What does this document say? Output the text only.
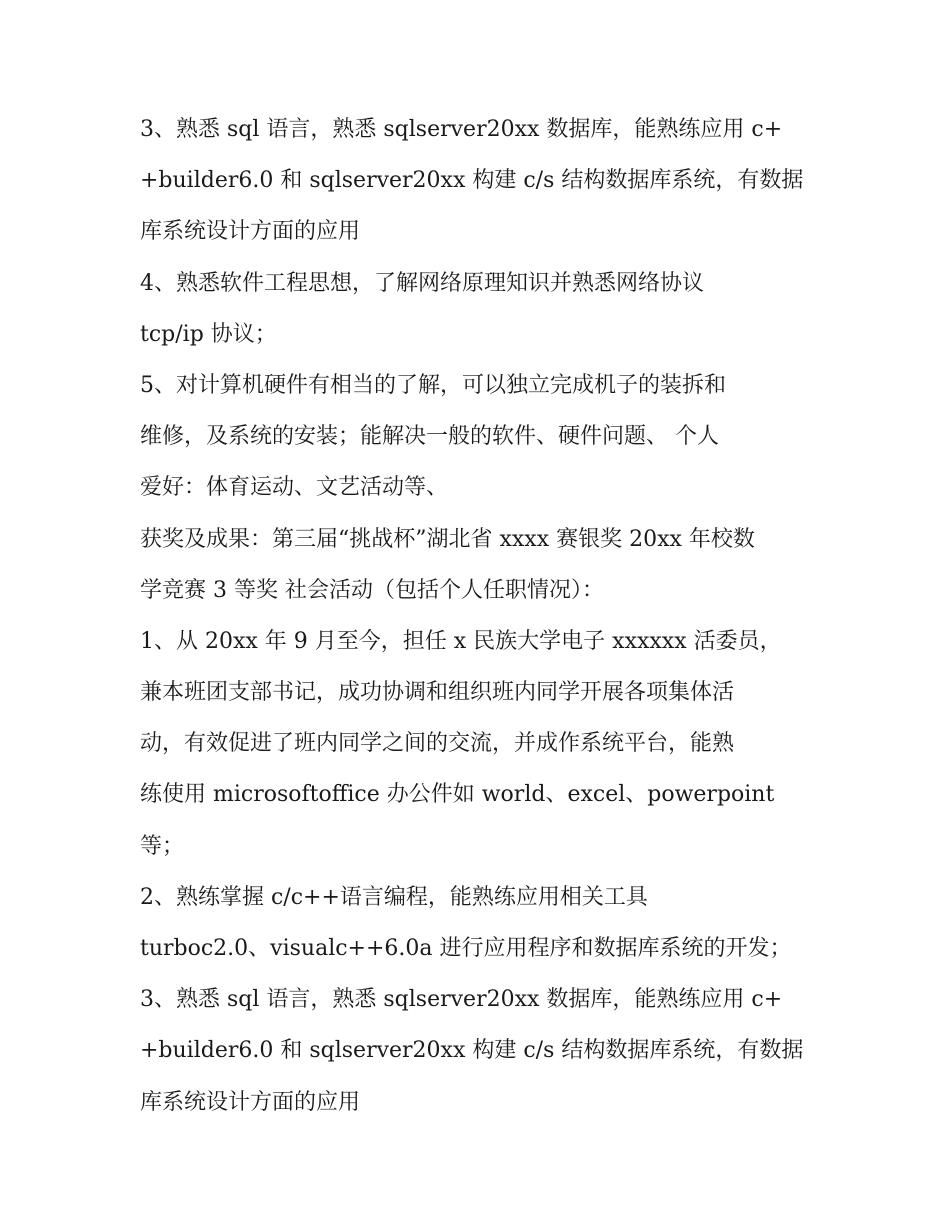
3、熟悉 sql 语言，熟悉 sqlserver20xx 数据库，能熟练应用 c+
+builder6.0 和 sqlserver20xx 构建 c/s 结构数据库系统，有数据
库系统设计方面的应用
4、熟悉软件工程思想，了解网络原理知识并熟悉网络协议
tcp/ip 协议；
5、对计算机硬件有相当的了解，可以独立完成机子的装拆和
维修，及系统的安装；能解决一般的软件、硬件问题、 个人
爱好：体育运动、文艺活动等、
获奖及成果：第三届“挑战杯”湖北省 xxxx 赛银奖 20xx 年校数
学竞赛 3 等奖 社会活动（包括个人任职情况）：
1、从 20xx 年 9 月至今，担任 x 民族大学电子 xxxxxx 活委员，
兼本班团支部书记，成功协调和组织班内同学开展各项集体活
动，有效促进了班内同学之间的交流，并成作系统平台，能熟
练使用 microsoftoffice 办公件如 world、excel、powerpoint
等；
2、熟练掌握 c/c++语言编程，能熟练应用相关工具
turboc2.0、visualc++6.0a 进行应用程序和数据库系统的开发；
3、熟悉 sql 语言，熟悉 sqlserver20xx 数据库，能熟练应用 c+
+builder6.0 和 sqlserver20xx 构建 c/s 结构数据库系统，有数据
库系统设计方面的应用
